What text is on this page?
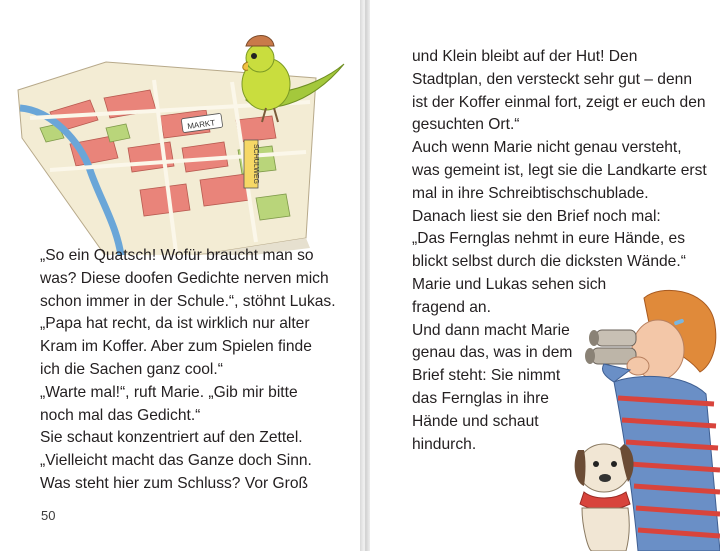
MARKT
SCHULWEG
„So ein Quatsch! Wofür braucht man so
was? Diese doofen Gedichte nerven mich
schon immer in der Schule.“, stöhnt Lukas.
„Papa hat recht, da ist wirklich nur alter
Kram im Koffer. Aber zum Spielen finde
ich die Sachen ganz cool.“
„Warte mal!“, ruft Marie. „Gib mir bitte
noch mal das Gedicht.“
Sie schaut konzentriert auf den Zettel.
„Vielleicht macht das Ganze doch Sinn.
Was steht hier zum Schluss? Vor Groß
50
und Klein bleibt auf der Hut! Den
Stadtplan, den versteckt sehr gut – denn
ist der Koffer einmal fort, zeigt er euch den
gesuchten Ort.“
Auch wenn Marie nicht genau versteht,
was gemeint ist, legt sie die Landkarte erst
mal in ihre Schreibtischschublade.
Danach liest sie den Brief noch mal:
„Das Fernglas nehmt in eure Hände, es
blickt selbst durch die dicksten Wände.“
Marie und Lukas sehen sich
fragend an.
Und dann macht Marie
genau das, was in dem
Brief steht: Sie nimmt
das Fernglas in ihre
Hände und schaut
hindurch.
